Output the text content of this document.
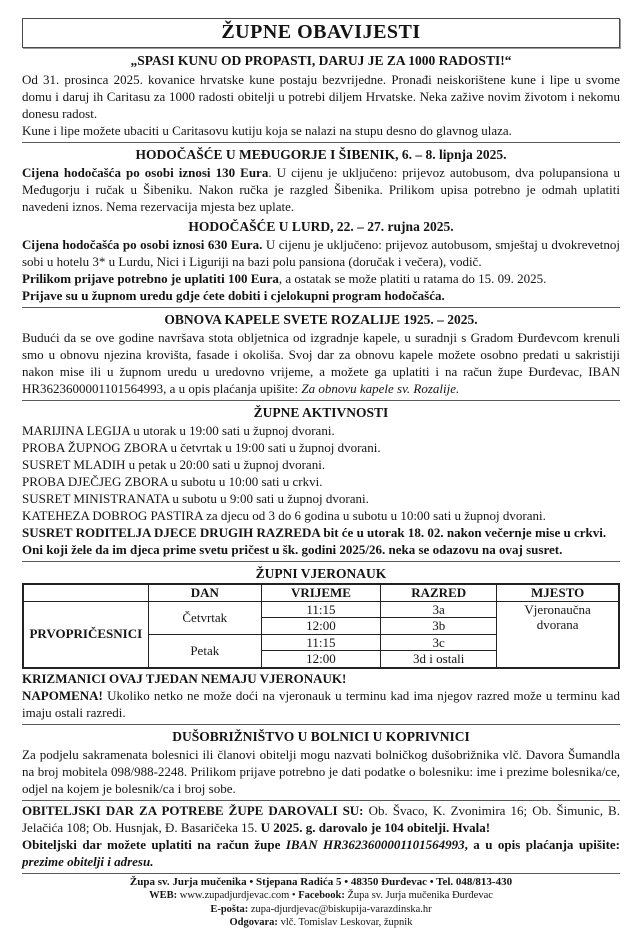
ŽUPNE OBAVIJESTI
„SPASI KUNU OD PROPASTI, DARUJ JE ZA 1000 RADOSTI!“

Od 31. prosinca 2025. kovanice hrvatske kune postaju bezvrijedne. Pronađi neiskorištene kune i lipe u svome domu i daruj ih Caritasu za 1000 radosti obitelji u potrebi diljem Hrvatske. Neka zažive novim životom i nekomu donesu radost.

Kune i lipe možete ubaciti u Caritasovu kutiju koja se nalazi na stupu desno do glavnog ulaza.

HODOČAŠĆE U MEĐUGORJE I ŠIBENIK, 6. – 8. lipnja 2025.

Cijena hodočašća po osobi iznosi 130 Eura. U cijenu je uključeno: prijevoz autobusom, dva polupansiona u Međugorju i ručak u Šibeniku. Nakon ručka je razgled Šibenika. Prilikom upisa potrebno je odmah uplatiti navedeni iznos. Nema rezervacija mjesta bez uplate.

HODOČAŠĆE U LURD, 22. – 27. rujna 2025.

Cijena hodočašća po osobi iznosi 630 Eura. U cijenu je uključeno: prijevoz autobusom, smještaj u dvokrevetnoj sobi u hotelu 3* u Lurdu, Nici i Liguriji na bazi polu pansiona (doručak i večera), vodič.

Prilikom prijave potrebno je uplatiti 100 Eura, a ostatak se može platiti u ratama do 15. 09. 2025.

Prijave su u župnom uredu gdje ćete dobiti i cjelokupni program hodočašća.

OBNOVA KAPELE SVETE ROZALIJE 1925. – 2025.

Budući da se ove godine navršava stota obljetnica od izgradnje kapele, u suradnji s Gradom Đurđevcom krenuli smo u obnovu njezina krovišta, fasade i okoliša. Svoj dar za obnovu kapele možete osobno predati u sakristiji nakon mise ili u župnom uredu u uredovno vrijeme, a možete ga uplatiti i na račun župe Đurđevac, IBAN HR3623600001101564993, a u opis plaćanja upišite: Za obnovu kapele sv. Rozalije.

ŽUPNE AKTIVNOSTI

MARIJINA LEGIJA u utorak u 19:00 sati u župnoj dvorani.

PROBA ŽUPNOG ZBORA u četvrtak u 19:00 sati u župnoj dvorani.

SUSRET MLADIH u petak u 20:00 sati u župnoj dvorani.

PROBA DJEČJEG ZBORA u subotu u 10:00 sati u crkvi.

SUSRET MINISTRANATA u subotu u 9:00 sati u župnoj dvorani.

KATEHEZA DOBROG PASTIRA za djecu od 3 do 6 godina u subotu u 10:00 sati u župnoj dvorani.

SUSRET RODITELJA DJECE DRUGIH RAZREDA bit će u utorak 18. 02. nakon večernje mise u crkvi.

Oni koji žele da im djeca prime svetu pričest u šk. godini 2025/26. neka se odazovu na ovaj susret.

ŽUPNI VJERONAUK
	DAN	VRIJEME	RAZRED	MJESTO
PRVOPRIČESNICI	Četvrtak	11:15	3a	Vjeronaučna dvorana
		12:00	3b	
	Petak	11:15	3c	
		12:00	3d i ostali	

KRIZMANICI OVAJ TJEDAN NEMAJU VJERONAUK!

NAPOMENA! Ukoliko netko ne može doći na vjeronauk u terminu kad ima njegov razred može u terminu kad imaju ostali razredi.

DUŠOBRIŽNIŠTVO U BOLNICI U KOPRIVNICI

Za podjelu sakramenata bolesnici ili članovi obitelji mogu nazvati bolničkog dušobrižnika vlč. Davora Šumandla na broj mobitela 098/988-2248. Prilikom prijave potrebno je dati podatke o bolesniku: ime i prezime bolesnika/ce, odjel na kojem je bolesnik/ca i broj sobe.

OBITELJSKI DAR ZA POTREBE ŽUPE DAROVALI SU: Ob. Švaco, K. Zvonimira 16; Ob. Šimunic, B. Jelačića 108; Ob. Husnjak, Đ. Basaričeka 15. U 2025. g. darovalo je 104 obitelji. Hvala!

Obiteljski dar možete uplatiti na račun župe IBAN HR3623600001101564993, a u opis plaćanja upišite: prezime obitelji i adresu.

Župa sv. Jurja mučenika • Stjepana Radića 5 • 48350 Đurđevac • Tel. 048/813-430
WEB: www.zupadjurdjevac.com • Facebook: Župa sv. Jurja mučenika Đurđevac
E-pošta: zupa-djurdjevac@biskupija-varazdinska.hr
Odgovara: vlč. Tomislav Leskovar, župnik
